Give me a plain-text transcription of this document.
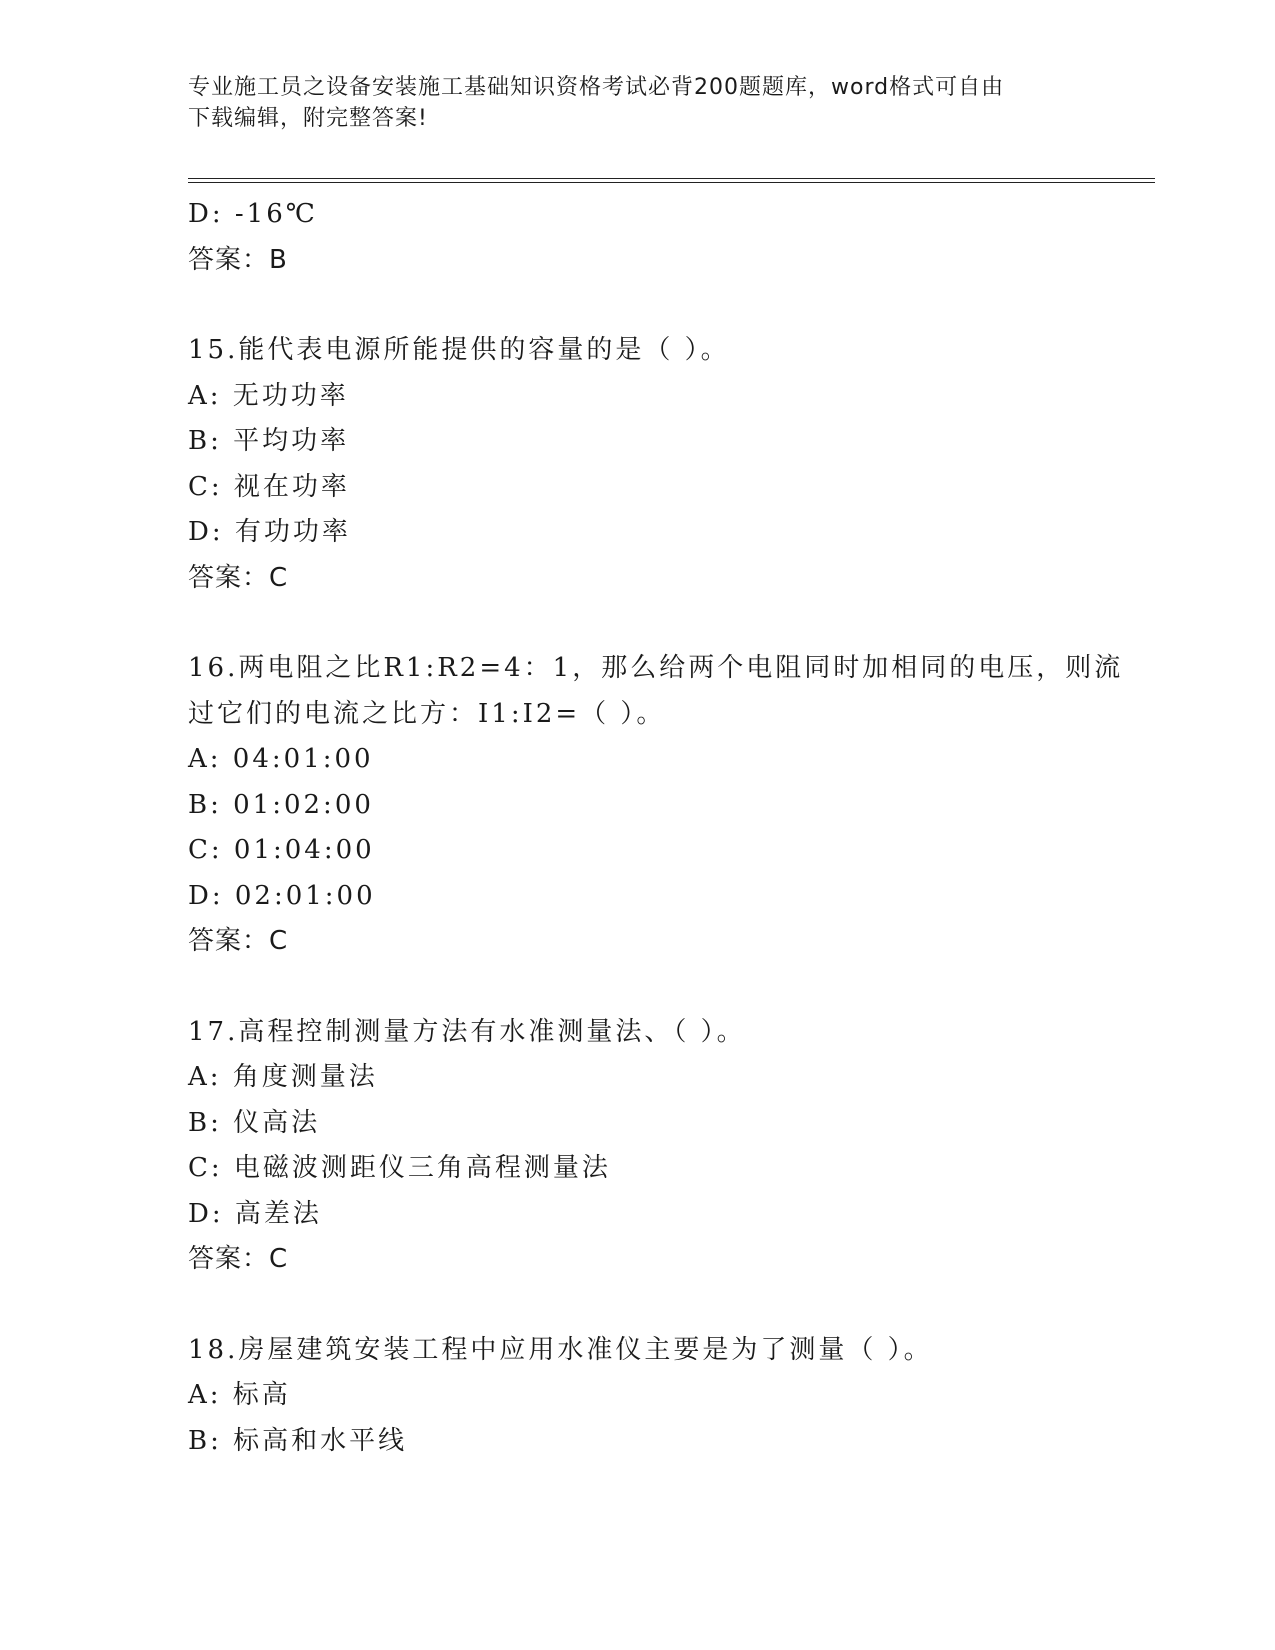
专业施工员之设备安装施工基础知识资格考试必背200题题库，word格式可自由
下载编辑，附完整答案!
D: -16℃
答案：B
15.能代表电源所能提供的容量的是（ ）。
A: 无功功率
B: 平均功率
C: 视在功率
D: 有功功率
答案：C
16.两电阻之比R1:R2=4：1，那么给两个电阻同时加相同的电压，则流
过它们的电流之比方：I1:I2=（ ）。
A: 04:01:00
B: 01:02:00
C: 01:04:00
D: 02:01:00
答案：C
17.高程控制测量方法有水准测量法、（ ）。
A: 角度测量法
B: 仪高法
C: 电磁波测距仪三角高程测量法
D: 高差法
答案：C
18.房屋建筑安装工程中应用水准仪主要是为了测量（ ）。
A: 标高
B: 标高和水平线
